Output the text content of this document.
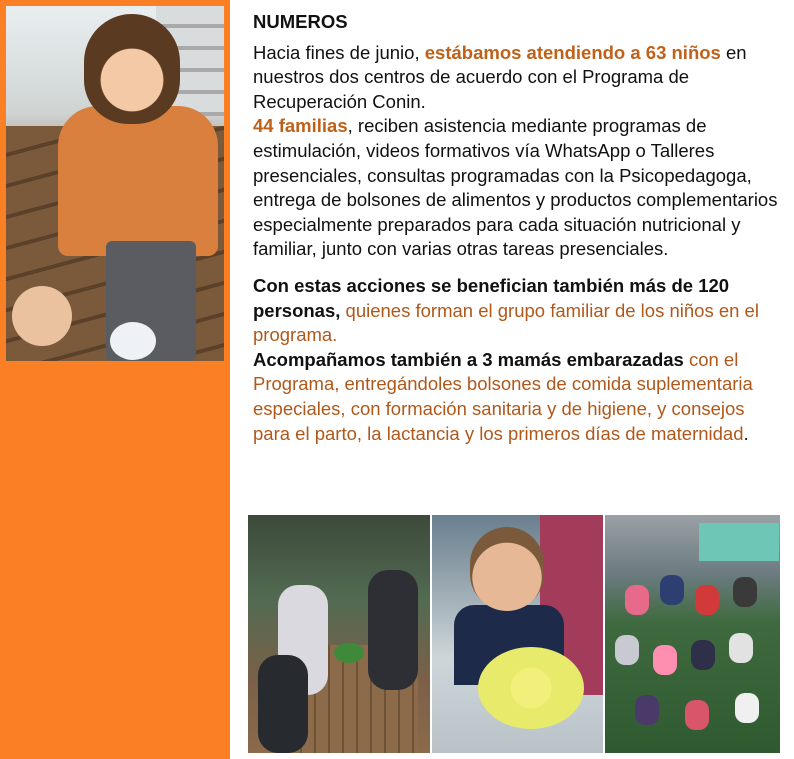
NUMEROS

Hacia fines de junio, estábamos atendiendo a 63 niños en nuestros dos centros de acuerdo con el Programa de Recuperación Conin.

44 familias, reciben asistencia mediante programas de estimulación, videos formativos vía WhatsApp o Talleres presenciales, consultas programadas con la Psicopedagoga, entrega de bolsones de alimentos y productos complementarios especialmente preparados para cada situación nutricional y familiar, junto con varias otras tareas presenciales.

Con estas acciones se benefician también más de 120 personas, quienes forman el grupo familiar de los niños en el programa.

Acompañamos también a 3 mamás embarazadas con el Programa, entregándoles bolsones de comida suplementaria especiales, con formación sanitaria y de higiene, y consejos para el parto, la lactancia y los primeros días de maternidad.
